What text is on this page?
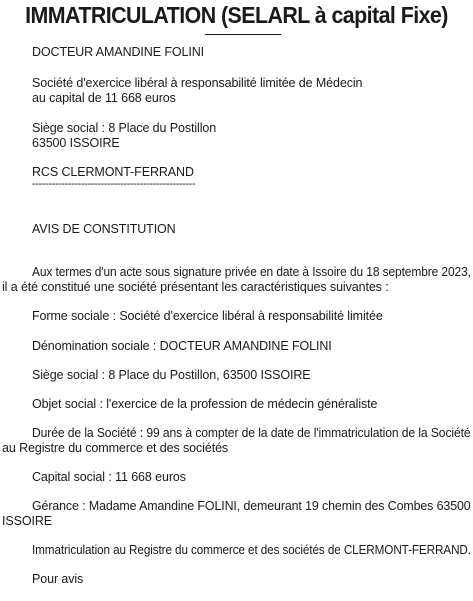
IMMATRICULATION (SELARL à capital Fixe)
DOCTEUR AMANDINE FOLINI
Société d'exercice libéral à responsabilité limitée de Médecin
au capital de 11 668 euros
Siège social : 8 Place du Postillon
63500 ISSOIRE
RCS CLERMONT-FERRAND
--------------------------------------------------
AVIS DE CONSTITUTION
Aux termes d'un acte sous signature privée en date à Issoire du 18 septembre 2023,
il a été constitué une société présentant les caractéristiques suivantes :
Forme sociale : Société d'exercice libéral à responsabilité limitée
Dénomination sociale : DOCTEUR AMANDINE FOLINI
Siège social : 8 Place du Postillon, 63500 ISSOIRE
Objet social : l'exercice de la profession de médecin généraliste
Durée de la Société : 99 ans à compter de la date de l'immatriculation de la Société
au Registre du commerce et des sociétés
Capital social : 11 668 euros
Gérance : Madame Amandine FOLINI, demeurant 19 chemin des Combes 63500
ISSOIRE
Immatriculation au Registre du commerce et des sociétés de CLERMONT-FERRAND.
Pour avis
